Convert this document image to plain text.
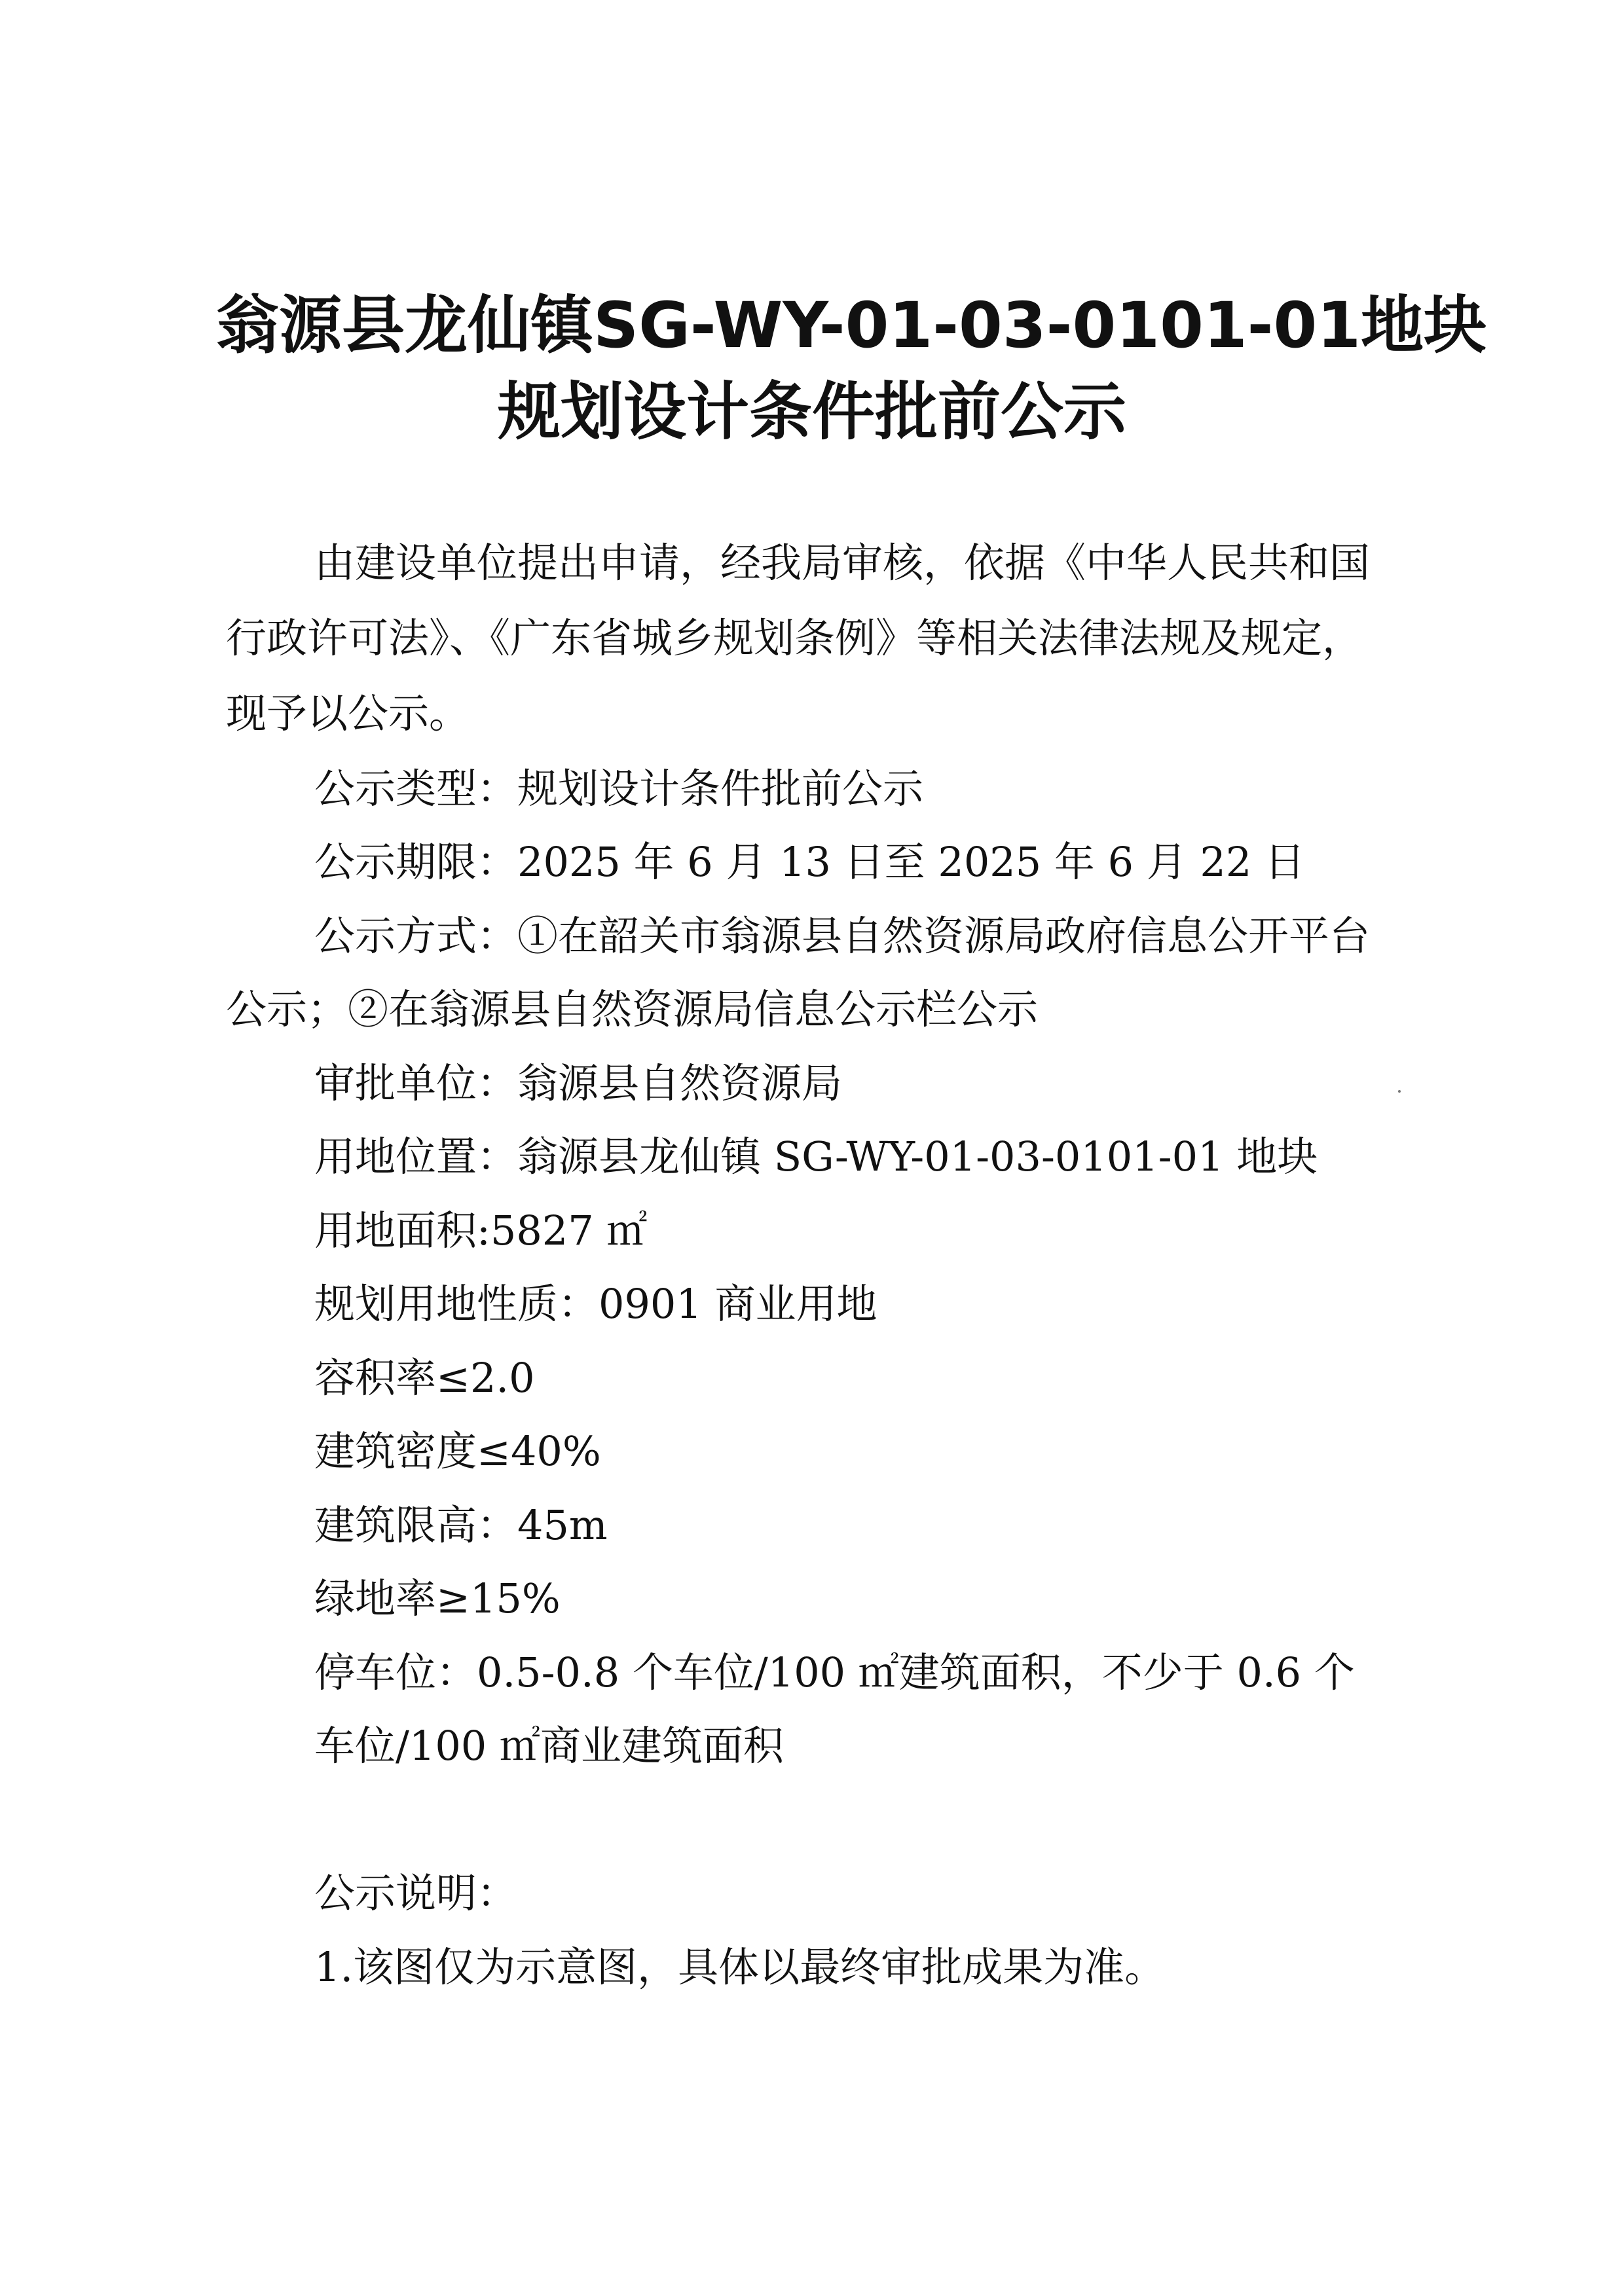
翁源县龙仙镇SG-WY-01-03-0101-01地块
规划设计条件批前公示
由建设单位提出申请，经我局审核，依据《中华人民共和国
行政许可法》、《广东省城乡规划条例》等相关法律法规及规定，
现予以公示。
公示类型：规划设计条件批前公示
公示期限：2025 年 6 月 13 日至 2025 年 6 月 22 日
公示方式：①在韶关市翁源县自然资源局政府信息公开平台
公示；②在翁源县自然资源局信息公示栏公示
审批单位：翁源县自然资源局
用地位置：翁源县龙仙镇 SG-WY-01-03-0101-01 地块
用地面积:5827 ㎡
规划用地性质：0901 商业用地
容积率≤2.0
建筑密度≤40%
建筑限高：45m
绿地率≥15%
停车位：0.5-0.8 个车位/100 ㎡建筑面积，不少于 0.6 个
车位/100 ㎡商业建筑面积
公示说明：
1.该图仅为示意图，具体以最终审批成果为准。
